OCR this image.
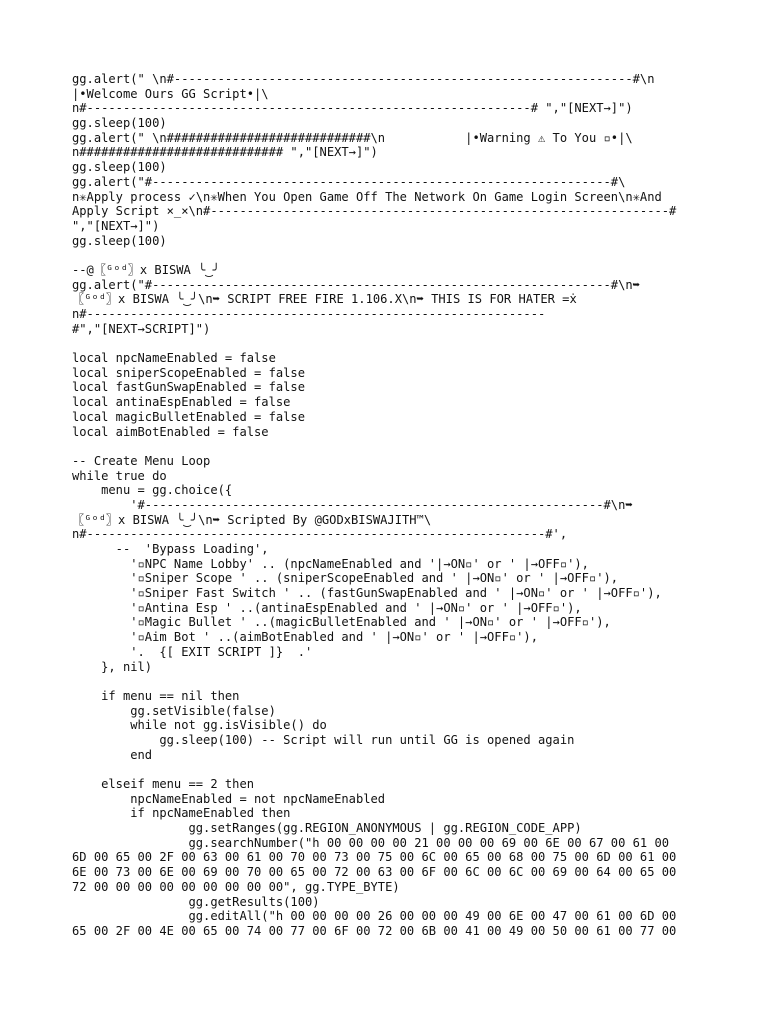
gg.alert(" \n#---------------------------------------------------------------#\n
|•Welcome Ours GG Script•|\
n#-------------------------------------------------------------# ","[NEXT→]")
gg.sleep(100)
gg.alert(" \n############################\n           |•Warning ⚠ To You ▫•|\
n############################ ","[NEXT→]")
gg.sleep(100)
gg.alert("#---------------------------------------------------------------#\
n✳Apply process ✓\n✳When You Open Game Off The Network On Game Login Screen\n✳And
Apply Script ×_×\n#---------------------------------------------------------------#
","[NEXT→]")
gg.sleep(100)
--@〖ᴳᵒᵈ〗x BISWA ╰‿╯
gg.alert("#---------------------------------------------------------------#\n➥
〖ᴳᵒᵈ〗x BISWA ╰‿╯\n➥ SCRIPT FREE FIRE 1.106.X\n➥ THIS IS FOR HATER =ẋ
n#---------------------------------------------------------------
#","[NEXT→SCRIPT]")
local npcNameEnabled = false
local sniperScopeEnabled = false
local fastGunSwapEnabled = false
local antinaEspEnabled = false
local magicBulletEnabled = false
local aimBotEnabled = false
-- Create Menu Loop
while true do
menu = gg.choice({
'#---------------------------------------------------------------#\n➥
〖ᴳᵒᵈ〗x BISWA ╰‿╯\n➥ Scripted By @GODxBISWAJITH™\
n#---------------------------------------------------------------#',
--  'Bypass Loading',
'▫NPC Name Lobby' .. (npcNameEnabled and '|→ON▫' or ' |→OFF▫'),
'▫Sniper Scope ' .. (sniperScopeEnabled and ' |→ON▫' or ' |→OFF▫'),
'▫Sniper Fast Switch ' .. (fastGunSwapEnabled and ' |→ON▫' or ' |→OFF▫'),
'▫Antina Esp ' ..(antinaEspEnabled and ' |→ON▫' or ' |→OFF▫'),
'▫Magic Bullet ' ..(magicBulletEnabled and ' |→ON▫' or ' |→OFF▫'),
'▫Aim Bot ' ..(aimBotEnabled and ' |→ON▫' or ' |→OFF▫'),
'.  {[ EXIT SCRIPT ]}  .'
}, nil)
if menu == nil then
gg.setVisible(false)
while not gg.isVisible() do
gg.sleep(100) -- Script will run until GG is opened again
end
elseif menu == 2 then
npcNameEnabled = not npcNameEnabled
if npcNameEnabled then
gg.setRanges(gg.REGION_ANONYMOUS | gg.REGION_CODE_APP)
gg.searchNumber("h 00 00 00 00 21 00 00 00 69 00 6E 00 67 00 61 00
6D 00 65 00 2F 00 63 00 61 00 70 00 73 00 75 00 6C 00 65 00 68 00 75 00 6D 00 61 00
6E 00 73 00 6E 00 69 00 70 00 65 00 72 00 63 00 6F 00 6C 00 6C 00 69 00 64 00 65 00
72 00 00 00 00 00 00 00 00 00", gg.TYPE_BYTE)
gg.getResults(100)
gg.editAll("h 00 00 00 00 26 00 00 00 49 00 6E 00 47 00 61 00 6D 00
65 00 2F 00 4E 00 65 00 74 00 77 00 6F 00 72 00 6B 00 41 00 49 00 50 00 61 00 77 00
